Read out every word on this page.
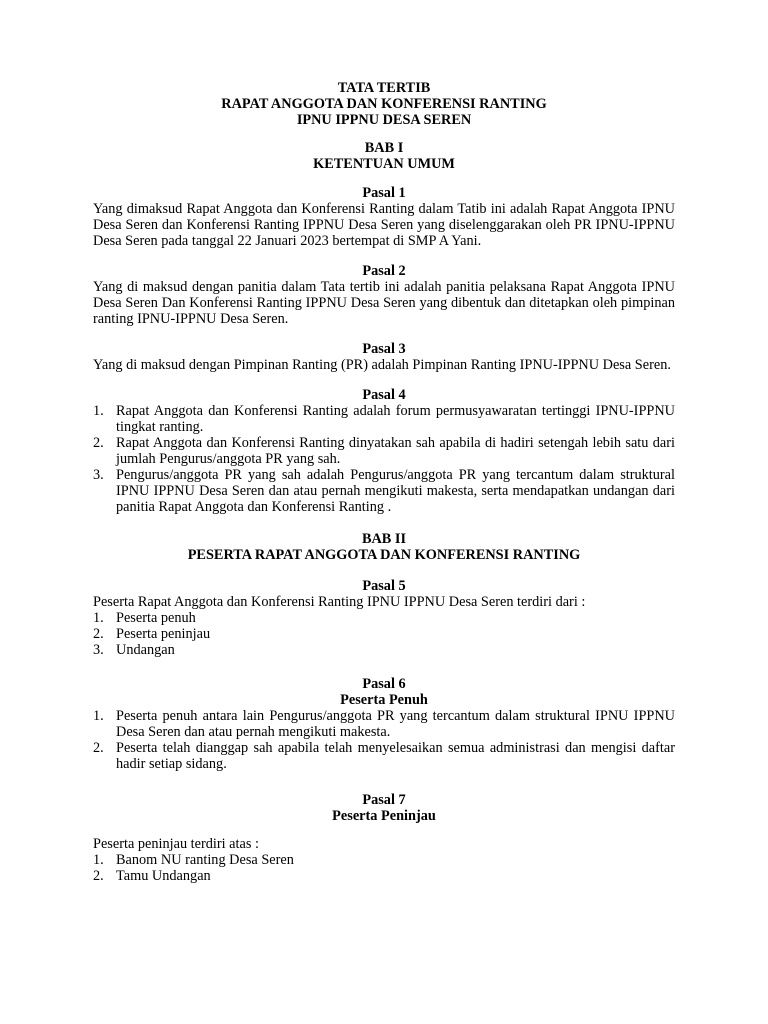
TATA TERTIB
RAPAT ANGGOTA DAN KONFERENSI RANTING
IPNU IPPNU DESA SEREN
BAB I
KETENTUAN UMUM
Pasal 1

Yang dimaksud Rapat Anggota dan Konferensi Ranting dalam Tatib ini adalah Rapat Anggota IPNU Desa Seren dan Konferensi Ranting IPPNU Desa Seren yang diselenggarakan oleh PR IPNU-IPPNU Desa Seren pada tanggal 22 Januari 2023 bertempat di SMP A Yani.

Pasal 2

Yang di maksud dengan panitia dalam Tata tertib ini adalah panitia pelaksana Rapat Anggota IPNU Desa Seren Dan Konferensi Ranting IPPNU Desa Seren yang dibentuk dan ditetapkan oleh pimpinan ranting IPNU-IPPNU Desa Seren.

Pasal 3

Yang di maksud dengan Pimpinan Ranting (PR) adalah Pimpinan Ranting IPNU-IPPNU Desa Seren.

Pasal 4
1. Rapat Anggota dan Konferensi Ranting adalah forum permusyawaratan tertinggi IPNU-IPPNU tingkat ranting.
2. Rapat Anggota dan Konferensi Ranting dinyatakan sah apabila di hadiri setengah lebih satu dari jumlah Pengurus/anggota PR yang sah.
3. Pengurus/anggota PR yang sah adalah Pengurus/anggota PR yang tercantum dalam struktural IPNU IPPNU Desa Seren dan atau pernah mengikuti makesta, serta mendapatkan undangan dari panitia Rapat Anggota dan Konferensi Ranting .
BAB II
PESERTA RAPAT ANGGOTA DAN KONFERENSI RANTING
Pasal 5

Peserta Rapat Anggota dan Konferensi Ranting IPNU IPPNU Desa Seren terdiri dari :

1. Peserta penuh
2. Peserta peninjau
3. Undangan
Pasal 6
Peserta Penuh
1. Peserta penuh antara lain Pengurus/anggota PR yang tercantum dalam struktural IPNU IPPNU Desa Seren dan atau pernah mengikuti makesta.
2. Peserta telah dianggap sah apabila telah menyelesaikan semua administrasi dan mengisi daftar hadir setiap sidang.
Pasal 7
Peserta Peninjau

Peserta peninjau terdiri atas :

1. Banom NU ranting Desa Seren
2. Tamu Undangan
